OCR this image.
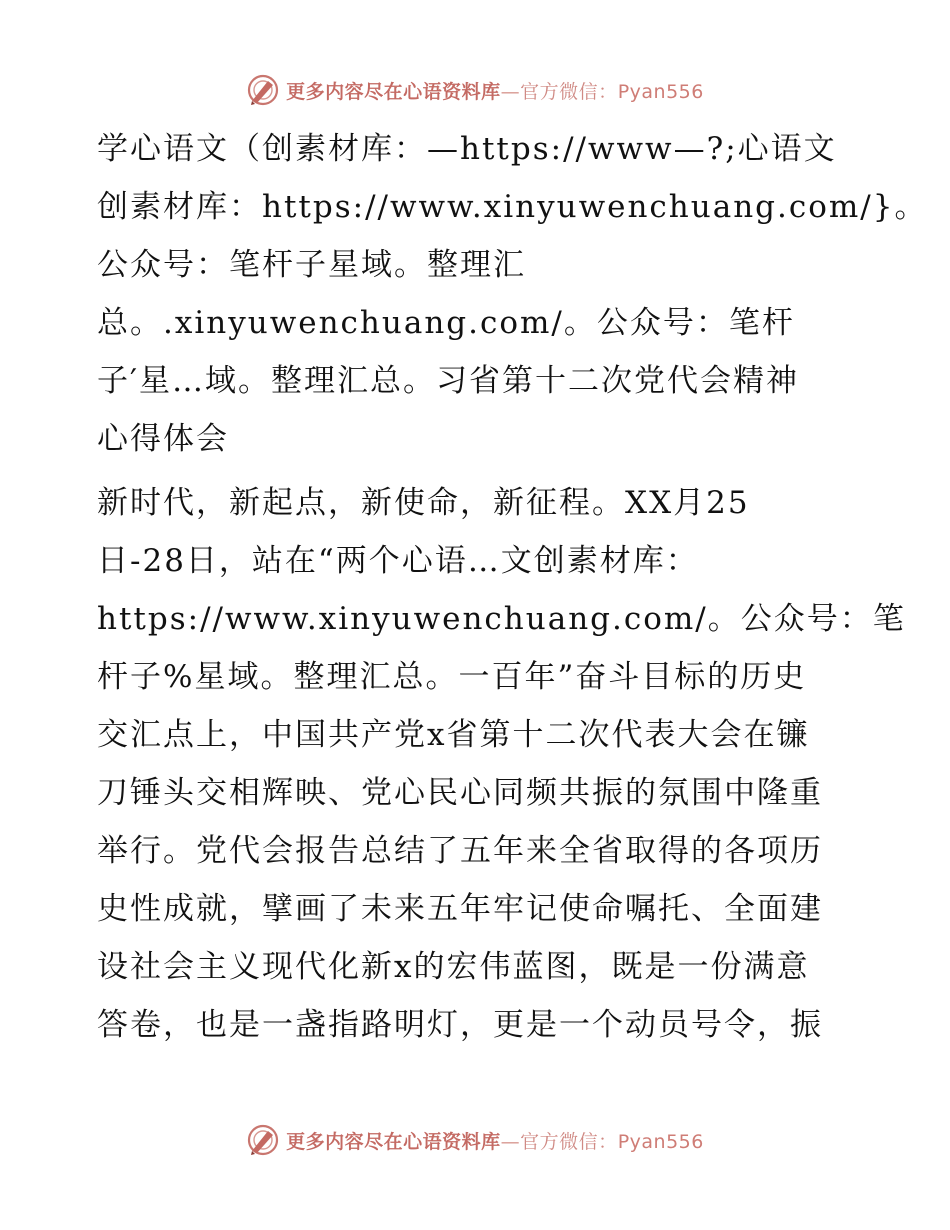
更多内容尽在心语资料库—官方微信：Pyan556

学心语文（创素材库：—https://www—?;心语文
创素材库：https://www.xinyuwenchuang.com/}。
公众号：笔杆子星域。整理汇
总。.xinyuwenchuang.com/。公众号：笔杆
子′星…域。整理汇总。习省第十二次党代会精神
心得体会

新时代，新起点，新使命，新征程。XX月25
日-28日，站在“两个心语…文创素材库：
https://www.xinyuwenchuang.com/。公众号：笔
杆子%星域。整理汇总。一百年”奋斗目标的历史
交汇点上，中国共产党x省第十二次代表大会在镰
刀锤头交相辉映、党心民心同频共振的氛围中隆重
举行。党代会报告总结了五年来全省取得的各项历
史性成就，擘画了未来五年牢记使命嘱托、全面建
设社会主义现代化新x的宏伟蓝图，既是一份满意
答卷，也是一盏指路明灯，更是一个动员号令，振

更多内容尽在心语资料库—官方微信：Pyan556
